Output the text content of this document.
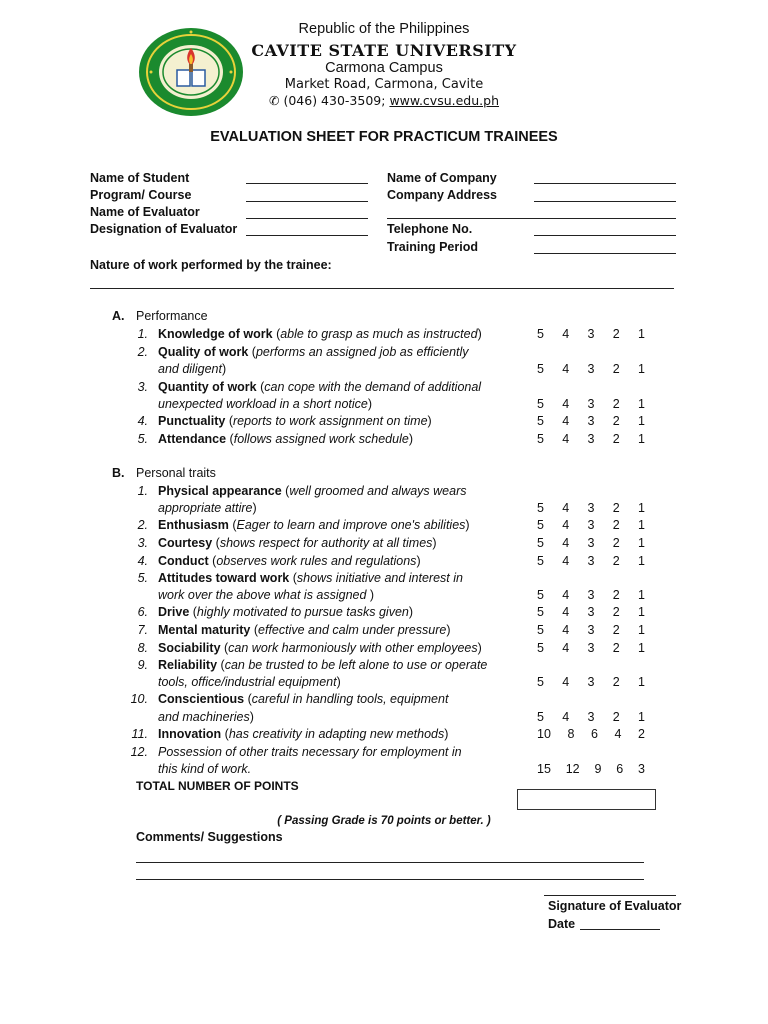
Republic of the Philippines
CAVITE STATE UNIVERSITY
Carmona Campus
Market Road, Carmona, Cavite
✆ (046) 430-3509; www.cvsu.edu.ph
EVALUATION SHEET FOR PRACTICUM TRAINEES
Name of Student
Program/ Course
Name of Evaluator
Designation of Evaluator
Name of Company
Company Address
Telephone No.
Training Period
Nature of work performed by the trainee:
A. Performance
1. Knowledge of work (able to grasp as much as instructed)	5 4 3 2 1
2. Quality of work (performs an assigned job as efficiently
and diligent)	5 4 3 2 1
3. Quantity of work (can cope with the demand of additional
unexpected workload in a short notice)	5 4 3 2 1
4. Punctuality (reports to work assignment on time)	5 4 3 2 1
5. Attendance (follows assigned work schedule)	5 4 3 2 1
B. Personal traits
1. Physical appearance (well groomed and always wears
appropriate attire)	5 4 3 2 1
2. Enthusiasm (Eager to learn and improve one's abilities)	5 4 3 2 1
3. Courtesy (shows respect for authority at all times)	5 4 3 2 1
4. Conduct (observes work rules and regulations)	5 4 3 2 1
5. Attitudes toward work (shows initiative and interest in
work over the above what is assigned )	5 4 3 2 1
6. Drive (highly motivated to pursue tasks given)	5 4 3 2 1
7. Mental maturity (effective and calm under pressure)	5 4 3 2 1
8. Sociability (can work harmoniously with other employees)	5 4 3 2 1
9. Reliability (can be trusted to be left alone to use or operate
tools, office/industrial equipment)	5 4 3 2 1
10. Conscientious (careful in handling tools, equipment
and machineries)	5 4 3 2 1
11. Innovation (has creativity in adapting new methods)	10 8 6 4 2
12. Possession of other traits necessary for employment in
this kind of work.	15 12 9 6 3
TOTAL NUMBER OF POINTS
( Passing Grade is 70 points or better. )
Comments/ Suggestions
Signature of Evaluator
Date
